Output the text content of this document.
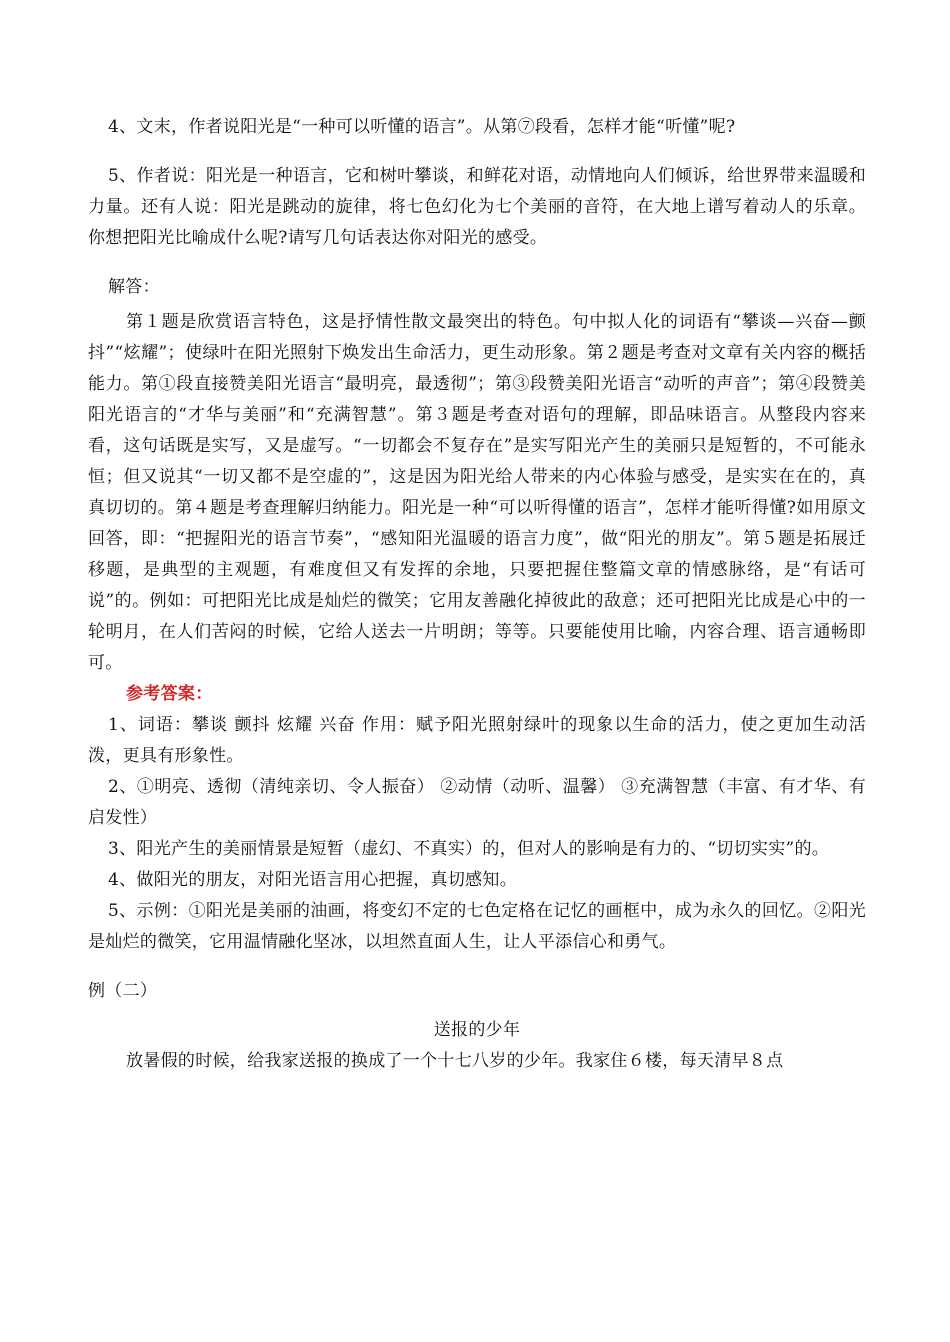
4、文末，作者说阳光是“一种可以听懂的语言”。从第⑦段看，怎样才能“听懂”呢?

5、作者说：阳光是一种语言，它和树叶攀谈，和鲜花对语，动情地向人们倾诉，给世界带来温暖和力量。还有人说：阳光是跳动的旋律，将七色幻化为七个美丽的音符，在大地上谱写着动人的乐章。你想把阳光比喻成什么呢?请写几句话表达你对阳光的感受。

解答：

第１题是欣赏语言特色，这是抒情性散文最突出的特色。句中拟人化的词语有“攀谈—兴奋—颤抖”“炫耀”；使绿叶在阳光照射下焕发出生命活力，更生动形象。第２题是考查对文章有关内容的概括能力。第①段直接赞美阳光语言“最明亮，最透彻”；第③段赞美阳光语言“动听的声音”；第④段赞美阳光语言的“才华与美丽”和“充满智慧”。第３题是考查对语句的理解，即品味语言。从整段内容来看，这句话既是实写，又是虚写。“一切都会不复存在”是实写阳光产生的美丽只是短暂的，不可能永恒；但又说其“一切又都不是空虚的”，这是因为阳光给人带来的内心体验与感受，是实实在在的，真真切切的。第４题是考查理解归纳能力。阳光是一种“可以听得懂的语言”，怎样才能听得懂?如用原文回答，即：“把握阳光的语言节奏”，“感知阳光温暖的语言力度”，做“阳光的朋友”。第５题是拓展迁移题，是典型的主观题，有难度但又有发挥的余地，只要把握住整篇文章的情感脉络，是“有话可说”的。例如：可把阳光比成是灿烂的微笑；它用友善融化掉彼此的敌意；还可把阳光比成是心中的一轮明月，在人们苦闷的时候，它给人送去一片明朗；等等。只要能使用比喻，内容合理、语言通畅即可。

参考答案：

1、词语：攀谈 颤抖 炫耀 兴奋 作用：赋予阳光照射绿叶的现象以生命的活力，使之更加生动活泼，更具有形象性。

2、①明亮、透彻（清纯亲切、令人振奋） ②动情（动听、温馨） ③充满智慧（丰富、有才华、有启发性）

3、阳光产生的美丽情景是短暂（虚幻、不真实）的，但对人的影响是有力的、“切切实实”的。

4、做阳光的朋友，对阳光语言用心把握，真切感知。

5、示例：①阳光是美丽的油画，将变幻不定的七色定格在记忆的画框中，成为永久的回忆。②阳光是灿烂的微笑，它用温情融化坚冰，以坦然直面人生，让人平添信心和勇气。

例（二）

送报的少年

放暑假的时候，给我家送报的换成了一个十七八岁的少年。我家住６楼，每天清早８点
